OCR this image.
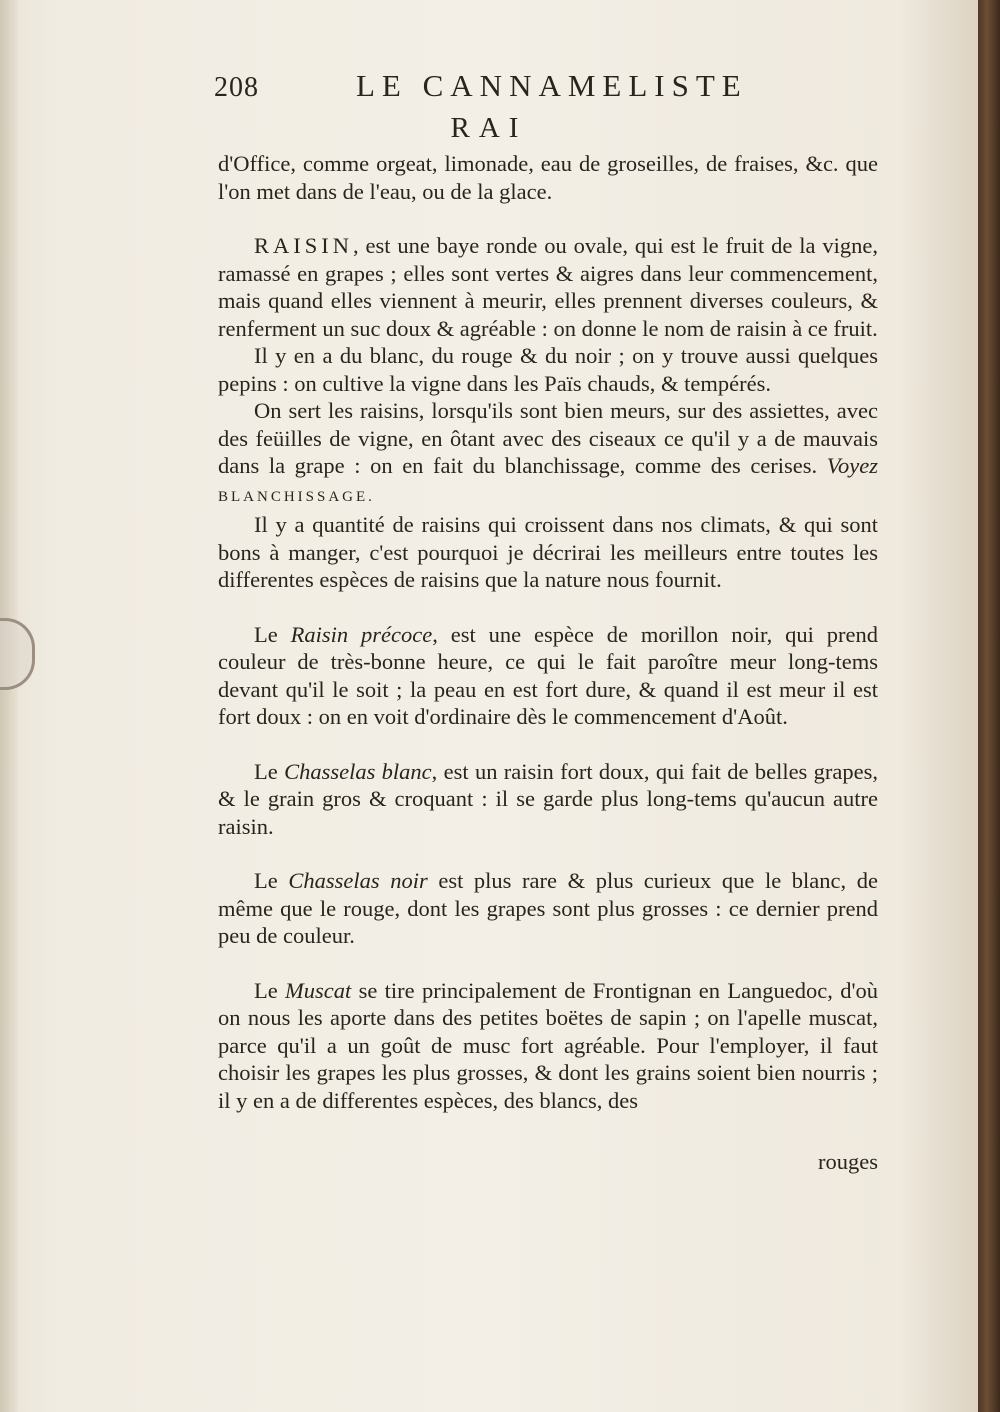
208	LE CANNAMELISTE
RAI

d'Office, comme orgeat, limonade, eau de groseilles, de fraises, &c. que l'on met dans de l'eau, ou de la glace.

RAISIN, est une baye ronde ou ovale, qui est le fruit de la vigne, ramassé en grapes ; elles sont vertes & aigres dans leur commencement, mais quand elles viennent à meurir, elles prennent diverses couleurs, & renferment un suc doux & agréable : on donne le nom de raisin à ce fruit.

Il y en a du blanc, du rouge & du noir ; on y trouve aussi quelques pepins : on cultive la vigne dans les Païs chauds, & tempérés.

On sert les raisins, lorsqu'ils sont bien meurs, sur des assiettes, avec des feüilles de vigne, en ôtant avec des ciseaux ce qu'il y a de mauvais dans la grape : on en fait du blanchissage, comme des cerises. Voyez BLANCHISSAGE.

Il y a quantité de raisins qui croissent dans nos climats, & qui sont bons à manger, c'est pourquoi je décrirai les meilleurs entre toutes les differentes espèces de raisins que la nature nous fournit.

Le Raisin précoce, est une espèce de morillon noir, qui prend couleur de très-bonne heure, ce qui le fait paroître meur long-tems devant qu'il le soit ; la peau en est fort dure, & quand il est meur il est fort doux : on en voit d'ordinaire dès le commencement d'Août.

Le Chasselas blanc, est un raisin fort doux, qui fait de belles grapes, & le grain gros & croquant : il se garde plus long-tems qu'aucun autre raisin.

Le Chasselas noir est plus rare & plus curieux que le blanc, de même que le rouge, dont les grapes sont plus grosses : ce dernier prend peu de couleur.

Le Muscat se tire principalement de Frontignan en Languedoc, d'où on nous les aporte dans des petites boëtes de sapin ; on l'apelle muscat, parce qu'il a un goût de musc fort agréable. Pour l'employer, il faut choisir les grapes les plus grosses, & dont les grains soient bien nourris ; il y en a de differentes espèces, des blancs, des

rouges
